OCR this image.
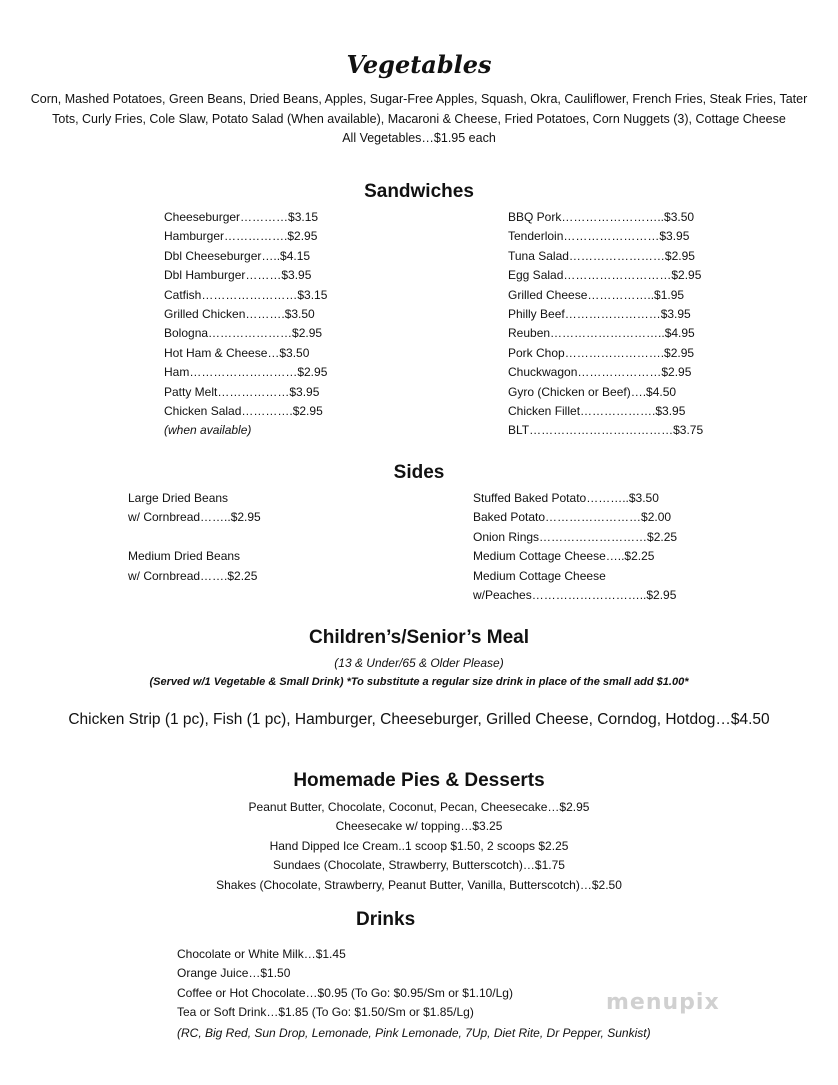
Vegetables
Corn, Mashed Potatoes, Green Beans, Dried Beans, Apples, Sugar-Free Apples, Squash, Okra, Cauliflower, French Fries, Steak Fries, Tater
Tots, Curly Fries, Cole Slaw, Potato Salad (When available), Macaroni & Cheese, Fried Potatoes, Corn Nuggets (3), Cottage Cheese
All Vegetables…$1.95 each
Sandwiches
Cheeseburger…………$3.15
Hamburger…………….$2.95
Dbl Cheeseburger…..$4.15
Dbl Hamburger………$3.95
Catfish……………………$3.15
Grilled Chicken……….$3.50
Bologna…………………$2.95
Hot Ham & Cheese…$3.50
Ham………………………$2.95
Patty Melt………………$3.95
Chicken Salad………….$2.95
(when available)
BBQ Pork……………………..$3.50
Tenderloin……………………$3.95
Tuna Salad……………………$2.95
Egg Salad………………………$2.95
Grilled Cheese……………..$1.95
Philly Beef……………………$3.95
Reuben………………………..$4.95
Pork Chop…………………….$2.95
Chuckwagon…………………$2.95
Gyro (Chicken or Beef)….$4.50
Chicken Fillet……………….$3.95
BLT………………………………$3.75
Sides
Large Dried Beans
w/ Cornbread……..$2.95
Medium Dried Beans
w/ Cornbread…….$2.25
Stuffed Baked Potato………..$3.50
Baked Potato……………………$2.00
Onion Rings………………………$2.25
Medium Cottage Cheese…..$2.25
Medium Cottage Cheese
w/Peaches………………………..$2.95
Children’s/Senior’s Meal
(13 & Under/65 & Older Please)
(Served w/1 Vegetable & Small Drink) *To substitute a regular size drink in place of the small add $1.00*
Chicken Strip (1 pc), Fish (1 pc), Hamburger, Cheeseburger, Grilled Cheese, Corndog, Hotdog…$4.50
Homemade Pies & Desserts
Peanut Butter, Chocolate, Coconut, Pecan, Cheesecake…$2.95
Cheesecake w/ topping…$3.25
Hand Dipped Ice Cream..1 scoop $1.50, 2 scoops $2.25
Sundaes (Chocolate, Strawberry, Butterscotch)…$1.75
Shakes (Chocolate, Strawberry, Peanut Butter, Vanilla, Butterscotch)…$2.50
Drinks
Chocolate or White Milk…$1.45
Orange Juice…$1.50
Coffee or Hot Chocolate…$0.95 (To Go: $0.95/Sm or $1.10/Lg)
Tea or Soft Drink…$1.85 (To Go: $1.50/Sm or $1.85/Lg)
(RC, Big Red, Sun Drop, Lemonade, Pink Lemonade, 7Up, Diet Rite, Dr Pepper, Sunkist)
menupix
